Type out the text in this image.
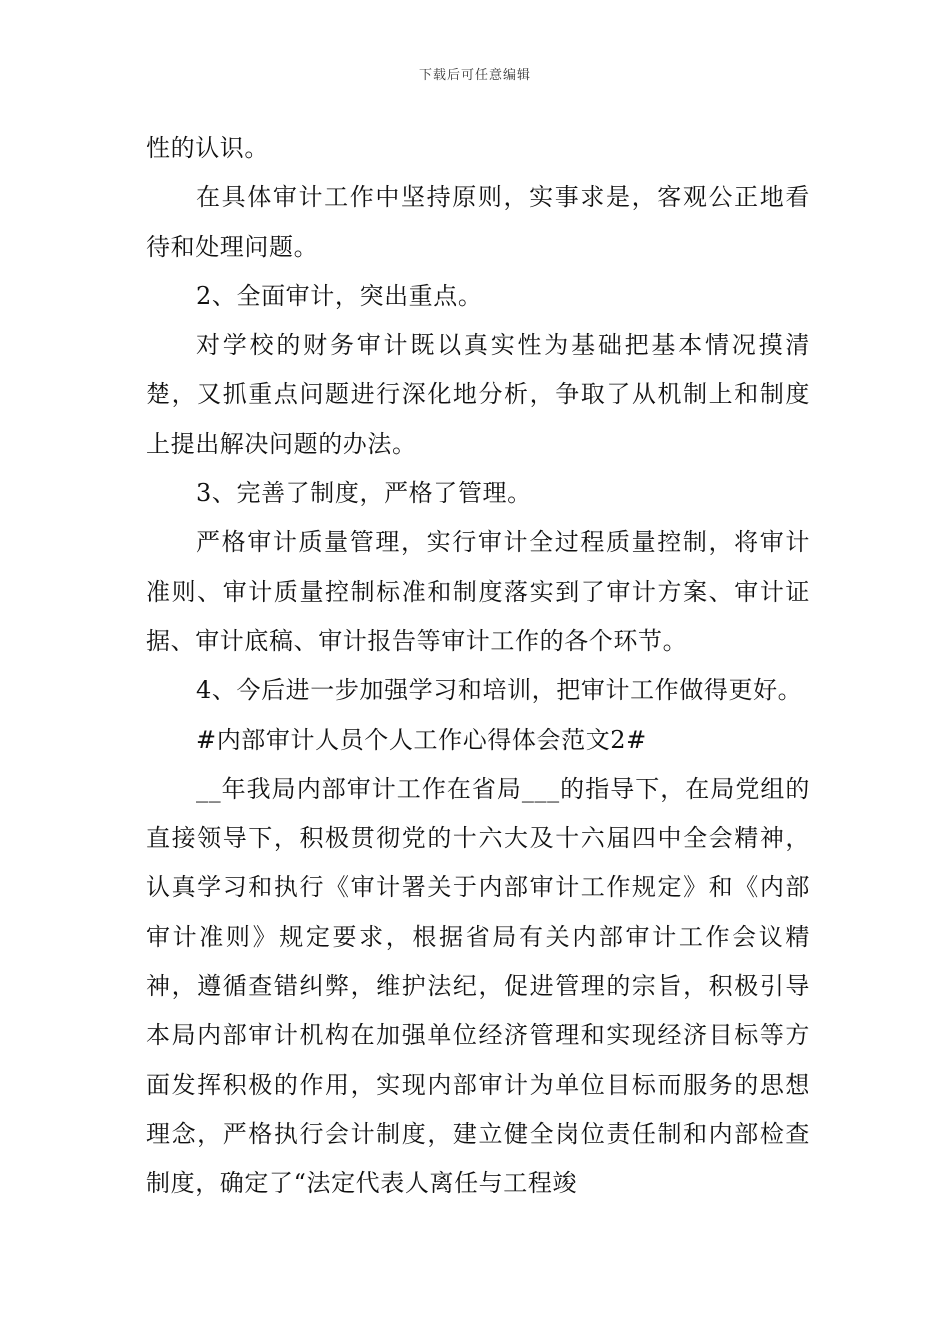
下载后可任意编辑

性的认识。

在具体审计工作中坚持原则，实事求是，客观公正地看待和处理问题。

2、全面审计，突出重点。

对学校的财务审计既以真实性为基础把基本情况摸清楚，又抓重点问题进行深化地分析，争取了从机制上和制度上提出解决问题的办法。

3、完善了制度，严格了管理。

严格审计质量管理，实行审计全过程质量控制，将审计准则、审计质量控制标准和制度落实到了审计方案、审计证据、审计底稿、审计报告等审计工作的各个环节。

4、今后进一步加强学习和培训，把审计工作做得更好。

#内部审计人员个人工作心得体会范文2#

__年我局内部审计工作在省局___的指导下，在局党组的直接领导下，积极贯彻党的十六大及十六届四中全会精神，认真学习和执行《审计署关于内部审计工作规定》和《内部审计准则》规定要求，根据省局有关内部审计工作会议精神，遵循查错纠弊，维护法纪，促进管理的宗旨，积极引导本局内部审计机构在加强单位经济管理和实现经济目标等方面发挥积极的作用，实现内部审计为单位目标而服务的思想理念，严格执行会计制度，建立健全岗位责任制和内部检查制度，确定了“法定代表人离任与工程竣
